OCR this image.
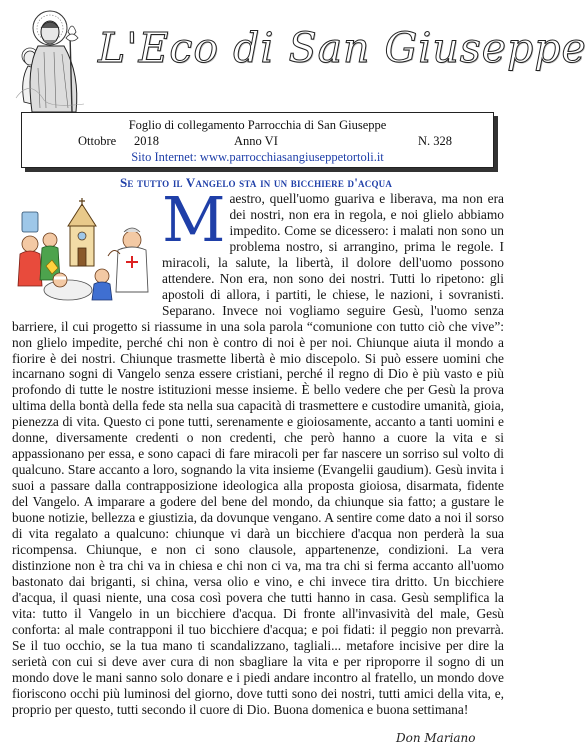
L'Eco di San Giuseppe
Foglio di collegamento Parrocchia di San Giuseppe
Ottobre 2018	Anno VI	N. 328
Sito Internet: www.parrocchiasangiuseppetortoli.it
Se tutto il Vangelo sta in un bicchiere d'acqua
M aestro, quell'uomo guariva e liberava, ma non era dei nostri, non era in regola, e noi glielo abbiamo impedito. Come se dicessero: i malati non sono un problema nostro, si arrangino, prima le regole. I miracoli, la salute, la libertà, il dolore dell'uomo possono attendere. Non era, non sono dei nostri. Tutti lo ripetono: gli apostoli di allora, i partiti, le chiese, le nazioni, i sovranisti. Separano. Invece noi vogliamo seguire Gesù, l'uomo senza barriere, il cui progetto si riassume in una sola parola “comunione con tutto ciò che vive”: non glielo impedite, perché chi non è contro di noi è per noi. Chiunque aiuta il mondo a fiorire è dei nostri. Chiunque trasmette libertà è mio discepolo. Si può essere uomini che incarnano sogni di Vangelo senza essere cristiani, perché il regno di Dio è più vasto e più profondo di tutte le nostre istituzioni messe insieme. È bello vedere che per Gesù la prova ultima della bontà della fede sta nella sua capacità di trasmettere e custodire umanità, gioia, pienezza di vita. Questo ci pone tutti, serenamente e gioiosamente, accanto a tanti uomini e donne, diversamente credenti o non credenti, che però hanno a cuore la vita e si appassionano per essa, e sono capaci di fare miracoli per far nascere un sorriso sul volto di qualcuno. Stare accanto a loro, sognando la vita insieme (Evangelii gaudium). Gesù invita i suoi a passare dalla contrapposizione ideologica alla proposta gioiosa, disarmata, fidente del Vangelo. A imparare a godere del bene del mondo, da chiunque sia fatto; a gustare le buone notizie, bellezza e giustizia, da dovunque vengano. A sentire come dato a noi il sorso di vita regalato a qualcuno: chiunque vi darà un bicchiere d'acqua non perderà la sua ricompensa. Chiunque, e non ci sono clausole, appartenenze, condizioni. La vera distinzione non è tra chi va in chiesa e chi non ci va, ma tra chi si ferma accanto all'uomo bastonato dai briganti, si china, versa olio e vino, e chi invece tira dritto. Un bicchiere d'acqua, il quasi niente, una cosa così povera che tutti hanno in casa. Gesù semplifica la vita: tutto il Vangelo in un bicchiere d'acqua. Di fronte all'invasività del male, Gesù conforta: al male contrapponi il tuo bicchiere d'acqua; e poi fidati: il peggio non prevarrà. Se il tuo occhio, se la tua mano ti scandalizzano, tagliali... metafore incisive per dire la serietà con cui si deve aver cura di non sbagliare la vita e per riproporre il sogno di un mondo dove le mani sanno solo donare e i piedi andare incontro al fratello, un mondo dove fioriscono occhi più luminosi del giorno, dove tutti sono dei nostri, tutti amici della vita, e, proprio per questo, tutti secondo il cuore di Dio. Buona domenica e buona settimana!
Don Mariano
